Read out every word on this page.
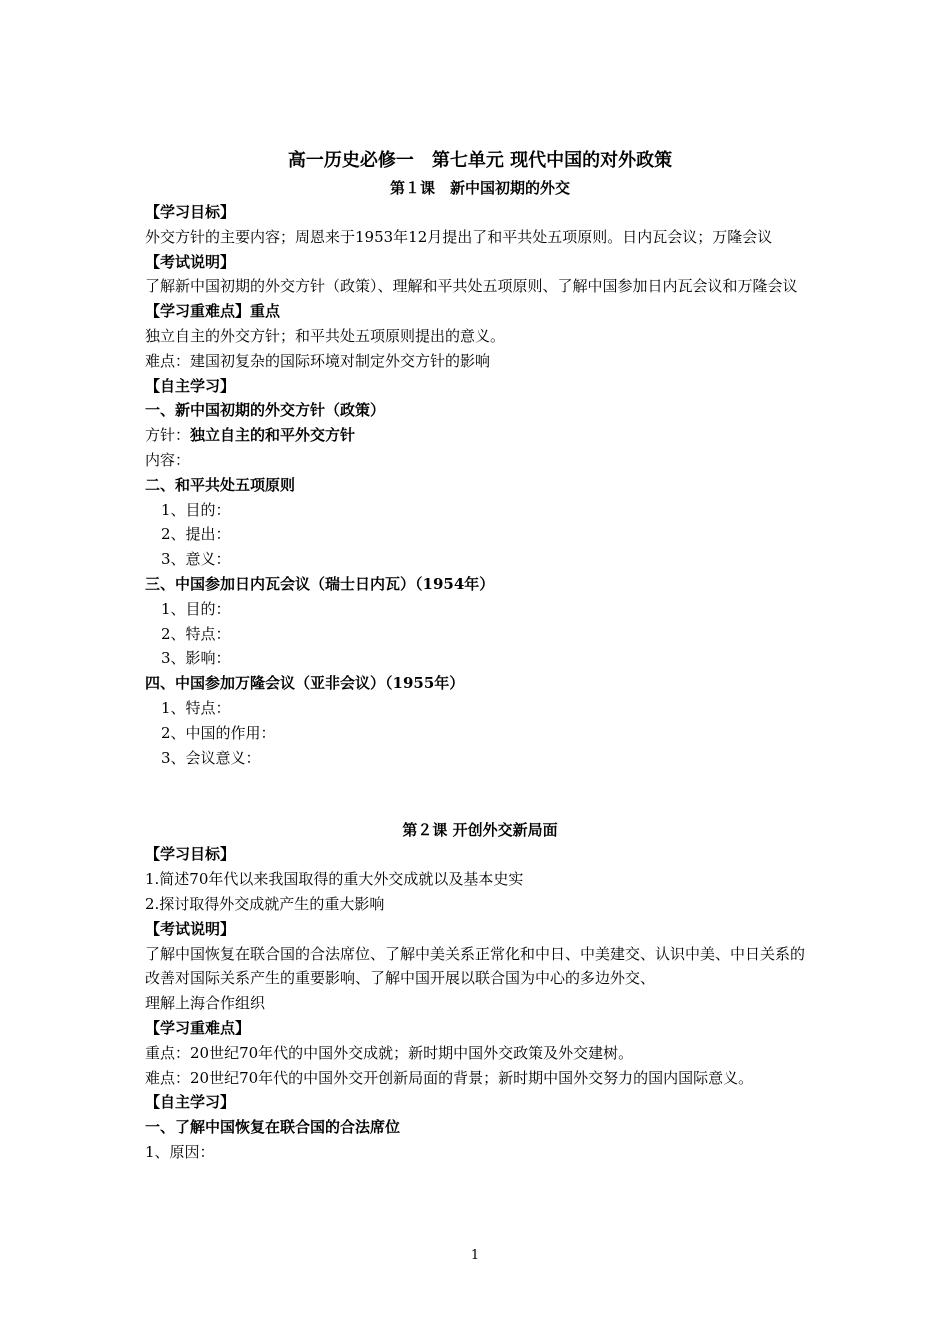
高一历史必修一　第七单元 现代中国的对外政策
第１课　新中国初期的外交
【学习目标】
外交方针的主要内容；周恩来于1953年12月提出了和平共处五项原则。日内瓦会议；万隆会议
【考试说明】
了解新中国初期的外交方针（政策）、理解和平共处五项原则、了解中国参加日内瓦会议和万隆会议
【学习重难点】重点
独立自主的外交方针；和平共处五项原则提出的意义。
难点：建国初复杂的国际环境对制定外交方针的影响
【自主学习】
一、新中国初期的外交方针（政策）
方针：独立自主的和平外交方针
内容：
二、和平共处五项原则
1、目的：
2、提出：
3、意义：
三、中国参加日内瓦会议（瑞士日内瓦）（1954年）
1、目的：
2、特点：
3、影响：
四、中国参加万隆会议（亚非会议）（1955年）
1、特点：
2、中国的作用：
3、会议意义：
第２课 开创外交新局面
【学习目标】
1.简述70年代以来我国取得的重大外交成就以及基本史实
2.探讨取得外交成就产生的重大影响
【考试说明】
了解中国恢复在联合国的合法席位、了解中美关系正常化和中日、中美建交、认识中美、中日关系的改善对国际关系产生的重要影响、了解中国开展以联合国为中心的多边外交、
理解上海合作组织
【学习重难点】
重点：20世纪70年代的中国外交成就；新时期中国外交政策及外交建树。
难点：20世纪70年代的中国外交开创新局面的背景；新时期中国外交努力的国内国际意义。
【自主学习】
一、了解中国恢复在联合国的合法席位
1、原因：
1
